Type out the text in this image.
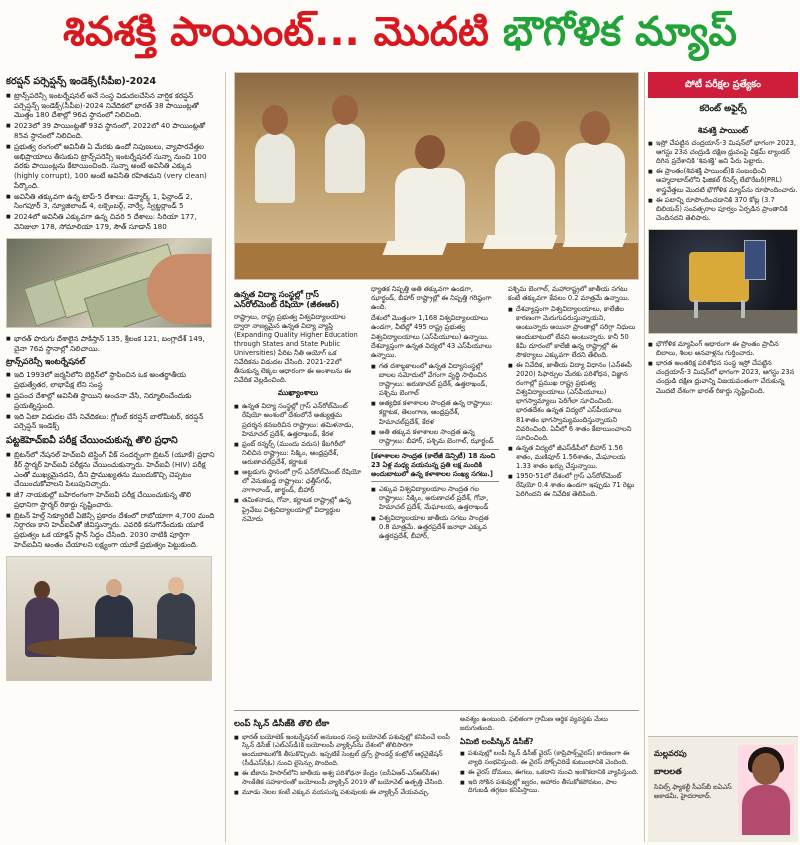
శివశక్తి పాయింట్... మొదటి భౌగోళిక మ్యాప్
కరప్షన్ పర్సెప్షన్స్ ఇండెక్స్(సీపీఐ)-2024
■ ట్రాన్స్‌పరెన్సీ ఇంటర్నేషనల్ అనే సంస్థ విడుదలచేసిన వార్షిక కరప్షన్ పర్సెప్షన్స్ ఇండెక్స్(సీపీఐ)-2024 నివేదికలో భారత్ 38 పాయింట్లతో మొత్తం 180 దేశాల్లో 96వ స్థానంలో నిలిచింది.
■ 2023లో 39 పాయింట్లతో 93వ స్థానంలో, 2022లో 40 పాయింట్లతో 85వ స్థానంలో నిలిచింది.
■ ప్రభుత్వ రంగంలో అవినీతి ఏ మేరకు ఉందో నిపుణులు, వ్యాపారవేత్తల అభిప్రాయాలు తీసుకుని ట్రాన్స్‌పరెన్సీ ఇంటర్నేషనల్ సున్నా నుంచి 100 వరకు పాయింట్లను కేటాయించింది. సున్నా అంటే అవినీతి ఎక్కువ (highly corrupt), 100 అంటే అవినీతి రహితమని (very clean) పేర్కొంది.
■ అవినీతి తక్కువగా ఉన్న టాప్-5 దేశాలు: డెన్మార్క్ 1, ఫిన్లాండ్ 2, సింగపూర్ 3, న్యూజిలాండ్ 4, లక్సెంబర్గ్, నార్వే, స్విట్జర్లాండ్ 5
■ 2024లో అవినీతి ఎక్కువగా ఉన్న చివరి 5 దేశాలు: సిరియా 177, వెనిజులా 178, సోమాలియా 179, సౌత్ సూడాన్ 180
■ భారత్ పొరుగు దేశాలైన పాకిస్తాన్ 135, శ్రీలంక 121, బంగ్లాదేశ్ 149, చైనా 76వ స్థానాల్లో నిలిచాయి.
ట్రాన్స్‌పరెన్సీ ఇంటర్నేషనల్
■ ఇది 1993లో జర్మనీలోని బెర్లిన్‌లో స్థాపించిన ఒక అంతర్జాతీయ ప్రభుత్వేతర, లాభాపేక్ష లేని సంస్థ
■ ప్రపంచ దేశాల్లో అవినీతి స్థాయిని అంచనా వేసి, నిర్మూలించేందుకు ప్రయత్నిస్తుంది.
■ ఇది ఏటా విడుదల చేసే నివేదికలు: గ్లోబల్ కరప్షన్ బారోమీటర్, కరప్షన్ పర్సెప్షన్ ఇండెక్స్
పట్టకెహెచ్‌ఐవీ పరీక్ష చేయించుకున్న తొలి ప్రధాని
■ బ్రిటన్‌లో నేషనల్ హెచ్ఐవీ టెస్టింగ్ వీక్ సందర్భంగా బ్రిటన్ (యూకే) ప్రధాని కీర్ స్టార్మర్ హెచ్ఐవీ పరీక్షను చేయించుకున్నారు. హెచ్ఐవీ (HIV) పరీక్ష ఎంతో ముఖ్యమైనదని, దీని ప్రాముఖ్యతను ముందుకొచ్చి చెప్పటం చేయించుకోవాలని పిలుపునిచ్చారు.
■ జీ7 నాయకుల్లో బహిరంగంగా హెచ్ఐవీ పరీక్ష చేయించుకున్న తొలి ప్రధానిగా స్టార్మర్ రికార్డు సృష్టించారు.
■ బ్రిటన్ హెల్త్ సెక్యూరిటీ ఏజెన్సీ ప్రకారం దేశంలో రాబోయాగా 4,700 మంది నిర్దారణ కాని హెచ్ఐవీతో జీవిస్తున్నారు. ఎవరికి కనుగొనేందుకు యూకే ప్రభుత్వం ఒక యాక్షన్ ప్లాన్ సిద్దం చేసింది. 2030 నాటికి పూర్తిగా హెచ్ఐవీని అంతం చేయాలని లక్ష్యంగా యూకే ప్రభుత్వం పెట్టుకుంది.
ఉన్నత విద్యా సంస్థల్లో గ్రాస్ ఎన్‌రోల్‌మెంట్ రేషియో (జీఈఆర్)

రాష్ట్రాలు, రాష్ట్ర ప్రభుత్వ విశ్వవిద్యాలయాల ద్వారా నాణ్యమైన ఉన్నత విద్యా వ్యాప్తి (Expanding Quality Higher Education through States and State Public Universities) పేరిట నీతి ఆయోగ్ ఒక నివేదికను విడుదల చేసింది. 2021-22లో తీసుకున్న లెక్కల ఆధారంగా ఈ అంశాలను ఈ నివేదిక వెల్లడించింది.

ముఖ్యాంశాలు
■ ఉన్నత విద్యా సంస్థల్లో గ్రాస్ ఎన్‌రోల్‌మెంట్ రేషియో అంశంలో దేశంలోనే అత్యుత్తమ ప్రదర్శన కనబరిచిన రాష్ట్రాలు: తమిళనాడు, హిమాచల్ ప్రదేశ్, ఉత్తరాఖండ్, కేరళ
■ ఫ్రంట్ రన్నర్స్ (ముందు వరుస) కేటగిరీలో నిలిచిన రాష్ట్రాలు: సిక్కిం, ఆంధ్రప్రదేశ్, అరుణాచల్‌ప్రదేశ్, కర్ణాటక
■ అట్టడుగు స్థానంలో గ్రాస్ ఎన్‌రోల్‌మెంట్ రేషియో లో వెనుకబడ్డ రాష్ట్రాలు: ఛత్తీస్‌గఢ్, నాగాలాండ్, జార్ఖండ్, బీహార్
■ తమిళనాడు, గోవా, కర్ణాటక రాష్ట్రాల్లో ఉన్న ప్రైవేటు విశ్వవిద్యాలయాల్లో విద్యార్థుల నమోదు

ధ్యాతక నిష్పత్తి అతి తక్కువగా ఉండగా, ఝార్ఖండ్, బీహార్ రాష్ట్రాల్లో ఈ నిష్పత్తి గరిష్ఠంగా ఉంది.

దేశంలో మొత్తంగా 1,168 విశ్వవిద్యాలయాలు ఉండగా, వీటిల్లో 495 రాష్ట్ర ప్రభుత్వ విశ్వవిద్యాలయాలు (ఎస్‌పీయూలు) ఉన్నాయి. దేశవ్యాప్తంగా ఉన్నత విద్యలో 43 ఎస్‌పీయూలు ఉన్నాయి.

■ గత దశాబ్దకాలంలో ఉన్నత విద్యాసంస్థల్లో బాలల నమోదులో వేగంగా వృద్ధి సాధించిన రాష్ట్రాలు: అరుణాచల్ ప్రదేశ్, ఉత్తరాఖండ్, పశ్చిమ బెంగాల్
■ అత్యధిక కళాశాలల సాంద్రత ఉన్న రాష్ట్రాలు: కర్ణాటక, తెలంగాణ, ఆంధ్రప్రదేశ్, హిమాచల్‌ప్రదేశ్, కేరళ
■ అతి తక్కువ కళాశాలల సాంద్రత ఉన్న రాష్ట్రాలు: బీహార్, పశ్చిమ బెంగాల్, ఝార్ఖండ్
[కళాశాలల సాంద్రత (కాలేజీ డెన్సిటీ) 18 నుంచి 23 ఏళ్ల మధ్య వయసున్న ప్రతి లక్ష మందికి అందుబాటులో ఉన్న కళాశాలల సంఖ్య సగటు.]
■ ఎక్కువ విశ్వవిద్యాలయాల సాంద్రత గల రాష్ట్రాలు: సిక్కిం, అరుణాచల్ ప్రదేశ్, గోవా, హిమాచల్ ప్రదేశ్, మేఘాలయ, ఉత్తరాఖండ్
■ విశ్వవిద్యాలయాల జాతీయ సగటు సాంద్రత 0.8 మాత్రమే. ఉత్తరప్రదేశ్ జనాభా ఎక్కువ ఉత్తరప్రదేశ్, బీహార్,

పశ్చిమ బెంగాల్, మహారాష్ట్రలో జాతీయ సగటు కంటే తక్కువగా కేవలం 0.2 మాత్రమే ఉన్నాయి.

■ దేశవ్యాప్తంగా విశ్వవిద్యాలయాలు, కాలేజీల కారణంగా మెరుగుపరుస్తున్నాయని, అంటున్నారు అయినా ప్రాంతాల్లో సరిగ్గా నిధులు అందుబాటులో లేవని అంటున్నారు. కానీ 50 కిమీ దూరంలో కాలేజీ ఉన్న రాష్ట్రాల్లో ఈ సౌకర్యాలు ఎక్కువగా లేదని తేలింది.
■ ఈ నివేదిక, జాతీయ విద్యా విధానం (ఎన్‌ఈపీ 2020) సిఫార్సుల మేరకు పరిశోధన, విజ్ఞాన రంగాల్లో ప్రముఖ రాష్ట్ర ప్రభుత్వ విశ్వవిద్యాలయాలు (ఎస్‌పీయూలు) భాగస్వామ్యాలు పెరిగేలా సూచించింది. భారతదేశం ఉన్నత విద్యలో ఎస్‌పీయూలు 81శాతం భాగస్వామ్యమందిస్తున్నాయని వివరించింది. ఏవీలో 6 శాతం కేటాయించాలని సూచించింది.
■ ఉన్నత విద్యలో జీఎస్‌డీపీలో బీహార్ 1.56 శాతం, మణిపూర్ 1.56శాతం, మేఘాలయ 1.33 శాతం ఖర్చు చేస్తున్నాయి.
■ 1950-51లో దేశంలో గ్రాస్ ఎన్‌రోల్‌మెంట్ రేషియో 0.4 శాతం ఉండగా ఇప్పుడు 71 రెట్లు పెరిగిందని ఈ నివేదిక తెలిపింది.
లంప్ స్కిన్ డిసీజ్‌కి తొలి టీకా
■ భారత్ బయోటెక్ ఇంటర్నేషనల్ అనుబంధ సంస్థ బయోవెట్ పశువుల్లో కనిపించే లంపీ స్కిన్ డిసీజ్ (ఎల్‌ఎస్‌డీ)కి బయోలంపీ వ్యాక్సిన్‌ను దేశంలో తొలిసారిగా అందుబాటులోకి తీసుకొచ్చింది. ఇప్పటికే సెంట్రల్ డ్రగ్స్ స్టాండర్డ్ కంట్రోల్ ఆర్గనైజేషన్ (సీడీఎస్‌సీఓ) నుంచి లైసెన్సు పొందింది.
■ ఈ టీకాను హిసార్‌లోని జాతీయ అశ్వ పరిశోధనా కేంద్రం (ఐసీఏఆర్-ఎన్‌ఆర్‌సీఈ) సాంకేతిక సహకారంతో బయోలంపీ వ్యాక్సిన్ 2019 తో బయోవెట్ ఉత్పత్తి చేసింది.
■ మూడు నెలల కంటే ఎక్కువ వయసున్న పశువులకు ఈ వ్యాక్సిన్ వేయవచ్చు.

అవశ్యం ఉంటుంది. ఫలితంగా గ్రామీణ ఆర్థిక వ్యవస్థకు మేలు జరుగుతుంది.

ఏమిటి లంపీస్కిన్ డిసీజ్?
■ పశువుల్లో లంపీ స్కిన్ డిసీజ్ వైరస్ (కాప్రిపాక్స్‌వైరస్) కారణంగా ఈ వ్యాధి సంభవిస్తుంది. ఈ వైరస్ పోక్స్‌విరిడే కుటుంబానికి చెందింది.
■ ఈ వైరస్ దోమలు, ఈగలు, ఒకదాని నుంచి ఇంకొకదానికి వ్యాపిస్తుంది.
■ ఇది సోకిన పశువుల్లో జ్వరం, ఆహారం తీసుకోకపోవటం, పాల దిగుబడి తగ్గటం కనిపిస్తాయి.
పోటీ పరీక్షల ప్రత్యేకం
కరెంట్ అఫైర్స్
శివశక్తి పాయింట్
■ ఇస్రో చేపట్టిన చంద్రయాన్-3 మిషన్‌లో భాగంగా 2023, ఆగస్టు 23న చంద్రుడి దక్షిణ ధ్రువంపై విక్రమ్ ల్యాండర్ దిగిన ప్రదేశానికి 'శివశక్తి' అని పేరు పెట్టారు.
■ ఈ ప్రాంతం(శివశక్తి పాయింట్)కి సంబంధించి అహ్మదాబాద్‌లోని ఫిజికల్ రీసెర్చ్ లేబొరేటరీ(PRL) శాస్త్రవేత్తలు మొదటి భౌగోళిక మ్యాప్‌ను రూపొందించారు.
■ ఈ పటాన్ని రూపొందించడానికి 370 కోట్ల (3.7 బిలియన్) సంవత్సరాల పూర్వం ఏర్పడిన ప్రాంతానికి చెందినదని తెలిపారు.
■ భౌగోళిక మ్యాపింగ్ ఆధారంగా ఈ ప్రాంతం ప్రాచీన బిలాలు, శిలల ఆనవాళ్లను గుర్తించారు.
■ భారత అంతరిక్ష పరిశోధన సంస్థ ఇస్రో చేపట్టిన చంద్రయాన్-3 మిషన్‌లో భాగంగా 2023, ఆగస్టు 23న చంద్రుడి దక్షిణ ధ్రువాన్ని విజయవంతంగా చేరుకున్న మొదటి దేశంగా భారత్ రికార్డు సృష్టించింది.
మల్లవరపు
బాలలత
సివిల్స్ ఫ్యాకల్టీ సీఎస్‌బీ ఐఏఎస్ అకాడమీ, హైదరాబాద్.
